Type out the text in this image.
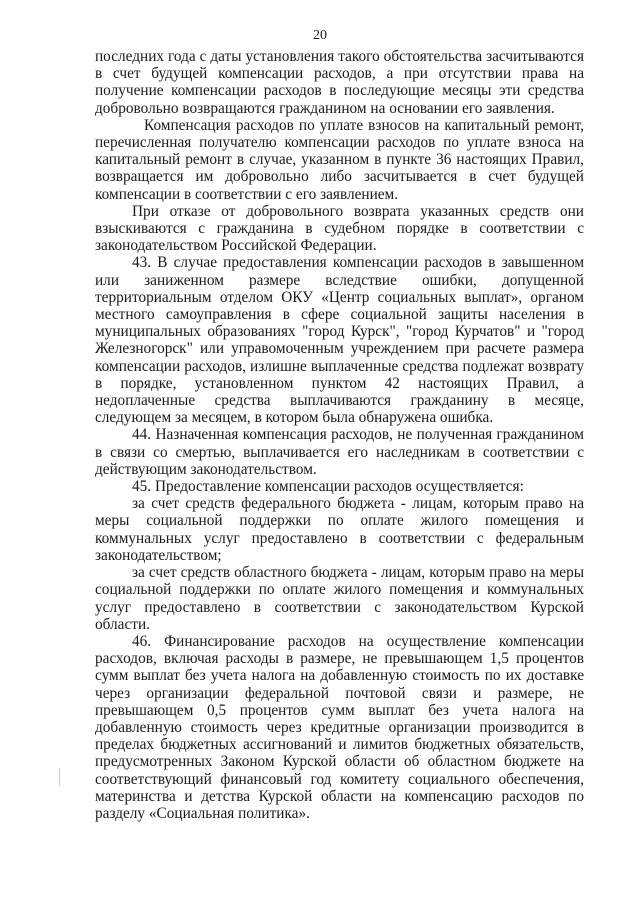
20

последних года с даты установления такого обстоятельства засчитываются в счет будущей компенсации расходов, а при отсутствии права на получение компенсации расходов в последующие месяцы эти средства добровольно возвращаются гражданином на основании его заявления.

Компенсация расходов по уплате взносов на капитальный ремонт, перечисленная получателю компенсации расходов по уплате взноса на капитальный ремонт в случае, указанном в пункте 36 настоящих Правил, возвращается им добровольно либо засчитывается в счет будущей компенсации в соответствии с его заявлением.

При отказе от добровольного возврата указанных средств они взыскиваются с гражданина в судебном порядке в соответствии с законодательством Российской Федерации.

43. В случае предоставления компенсации расходов в завышенном или заниженном размере вследствие ошибки, допущенной территориальным отделом ОКУ «Центр социальных выплат», органом местного самоуправления в сфере социальной защиты населения в муниципальных образованиях "город Курск", "город Курчатов" и "город Железногорск" или управомоченным учреждением при расчете размера компенсации расходов, излишне выплаченные средства подлежат возврату в порядке, установленном пунктом 42 настоящих Правил, а недоплаченные средства выплачиваются гражданину в месяце, следующем за месяцем, в котором была обнаружена ошибка.

44. Назначенная компенсация расходов, не полученная гражданином в связи со смертью, выплачивается его наследникам в соответствии с действующим законодательством.

45. Предоставление компенсации расходов осуществляется:

за счет средств федерального бюджета - лицам, которым право на меры социальной поддержки по оплате жилого помещения и коммунальных услуг предоставлено в соответствии с федеральным законодательством;

за счет средств областного бюджета - лицам, которым право на меры социальной поддержки по оплате жилого помещения и коммунальных услуг предоставлено в соответствии с законодательством Курской области.

46. Финансирование расходов на осуществление компенсации расходов, включая расходы в размере, не превышающем 1,5 процентов сумм выплат без учета налога на добавленную стоимость по их доставке через организации федеральной почтовой связи и размере, не превышающем 0,5 процентов сумм выплат без учета налога на добавленную стоимость через кредитные организации производится в пределах бюджетных ассигнований и лимитов бюджетных обязательств, предусмотренных Законом Курской области об областном бюджете на соответствующий финансовый год комитету социального обеспечения, материнства и детства Курской области на компенсацию расходов по разделу «Социальная политика».
